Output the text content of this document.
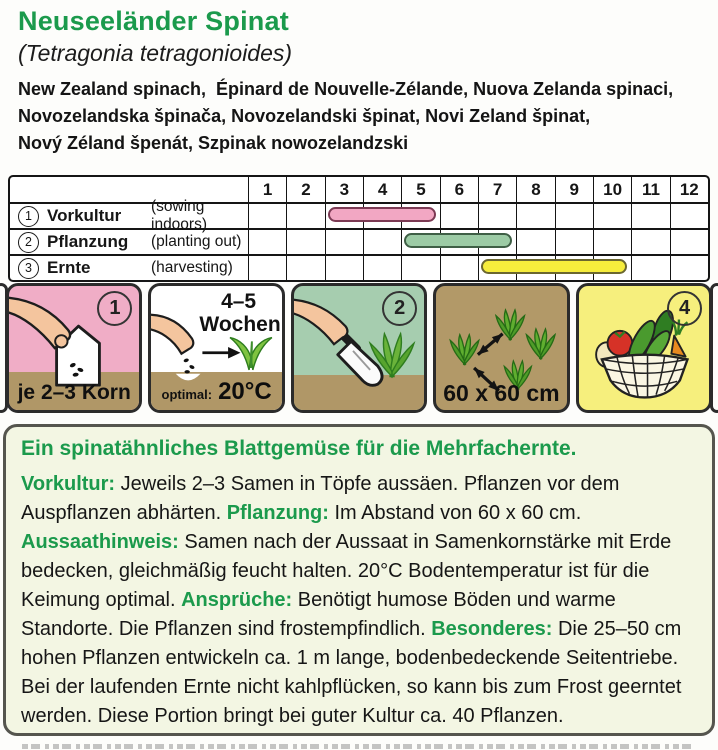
Neuseeländer Spinat
(Tetragonia tetragonioides)
New Zealand spinach,  Épinard de Nouvelle-Zélande, Nuova Zelanda spinaci,
Novozelandska špinača, Novozelandski špinat, Novi Zeland špinat,
Nový Zéland špenát, Szpinak nowozelandzski
1	2	3	4	5	6	7	8	9	10	11	12
1 Vorkultur	(sowing indoors)
2 Pflanzung	(planting out)
3 Ernte	(harvesting)
1
je 2–3 Korn
4–5
Wochen
optimal: 20°C
2
60 x 60 cm
4
Ein spinatähnliches Blattgemüse für die Mehrfachernte.

Vorkultur: Jeweils 2–3 Samen in Töpfe aussäen. Pflanzen vor dem Auspflanzen abhärten. Pflanzung: Im Abstand von 60 x 60 cm.

Aussaathinweis: Samen nach der Aussaat in Samenkornstärke mit Erde bedecken, gleichmäßig feucht halten. 20°C Bodentemperatur ist für die Keimung optimal. Ansprüche: Benötigt humose Böden und warme Standorte. Die Pflanzen sind frostempfindlich. Besonderes: Die 25–50 cm hohen Pflanzen entwickeln ca. 1 m lange, bodenbedeckende Seitentriebe. Bei der laufenden Ernte nicht kahlpflücken, so kann bis zum Frost geerntet werden. Diese Portion bringt bei guter Kultur ca. 40 Pflanzen.
